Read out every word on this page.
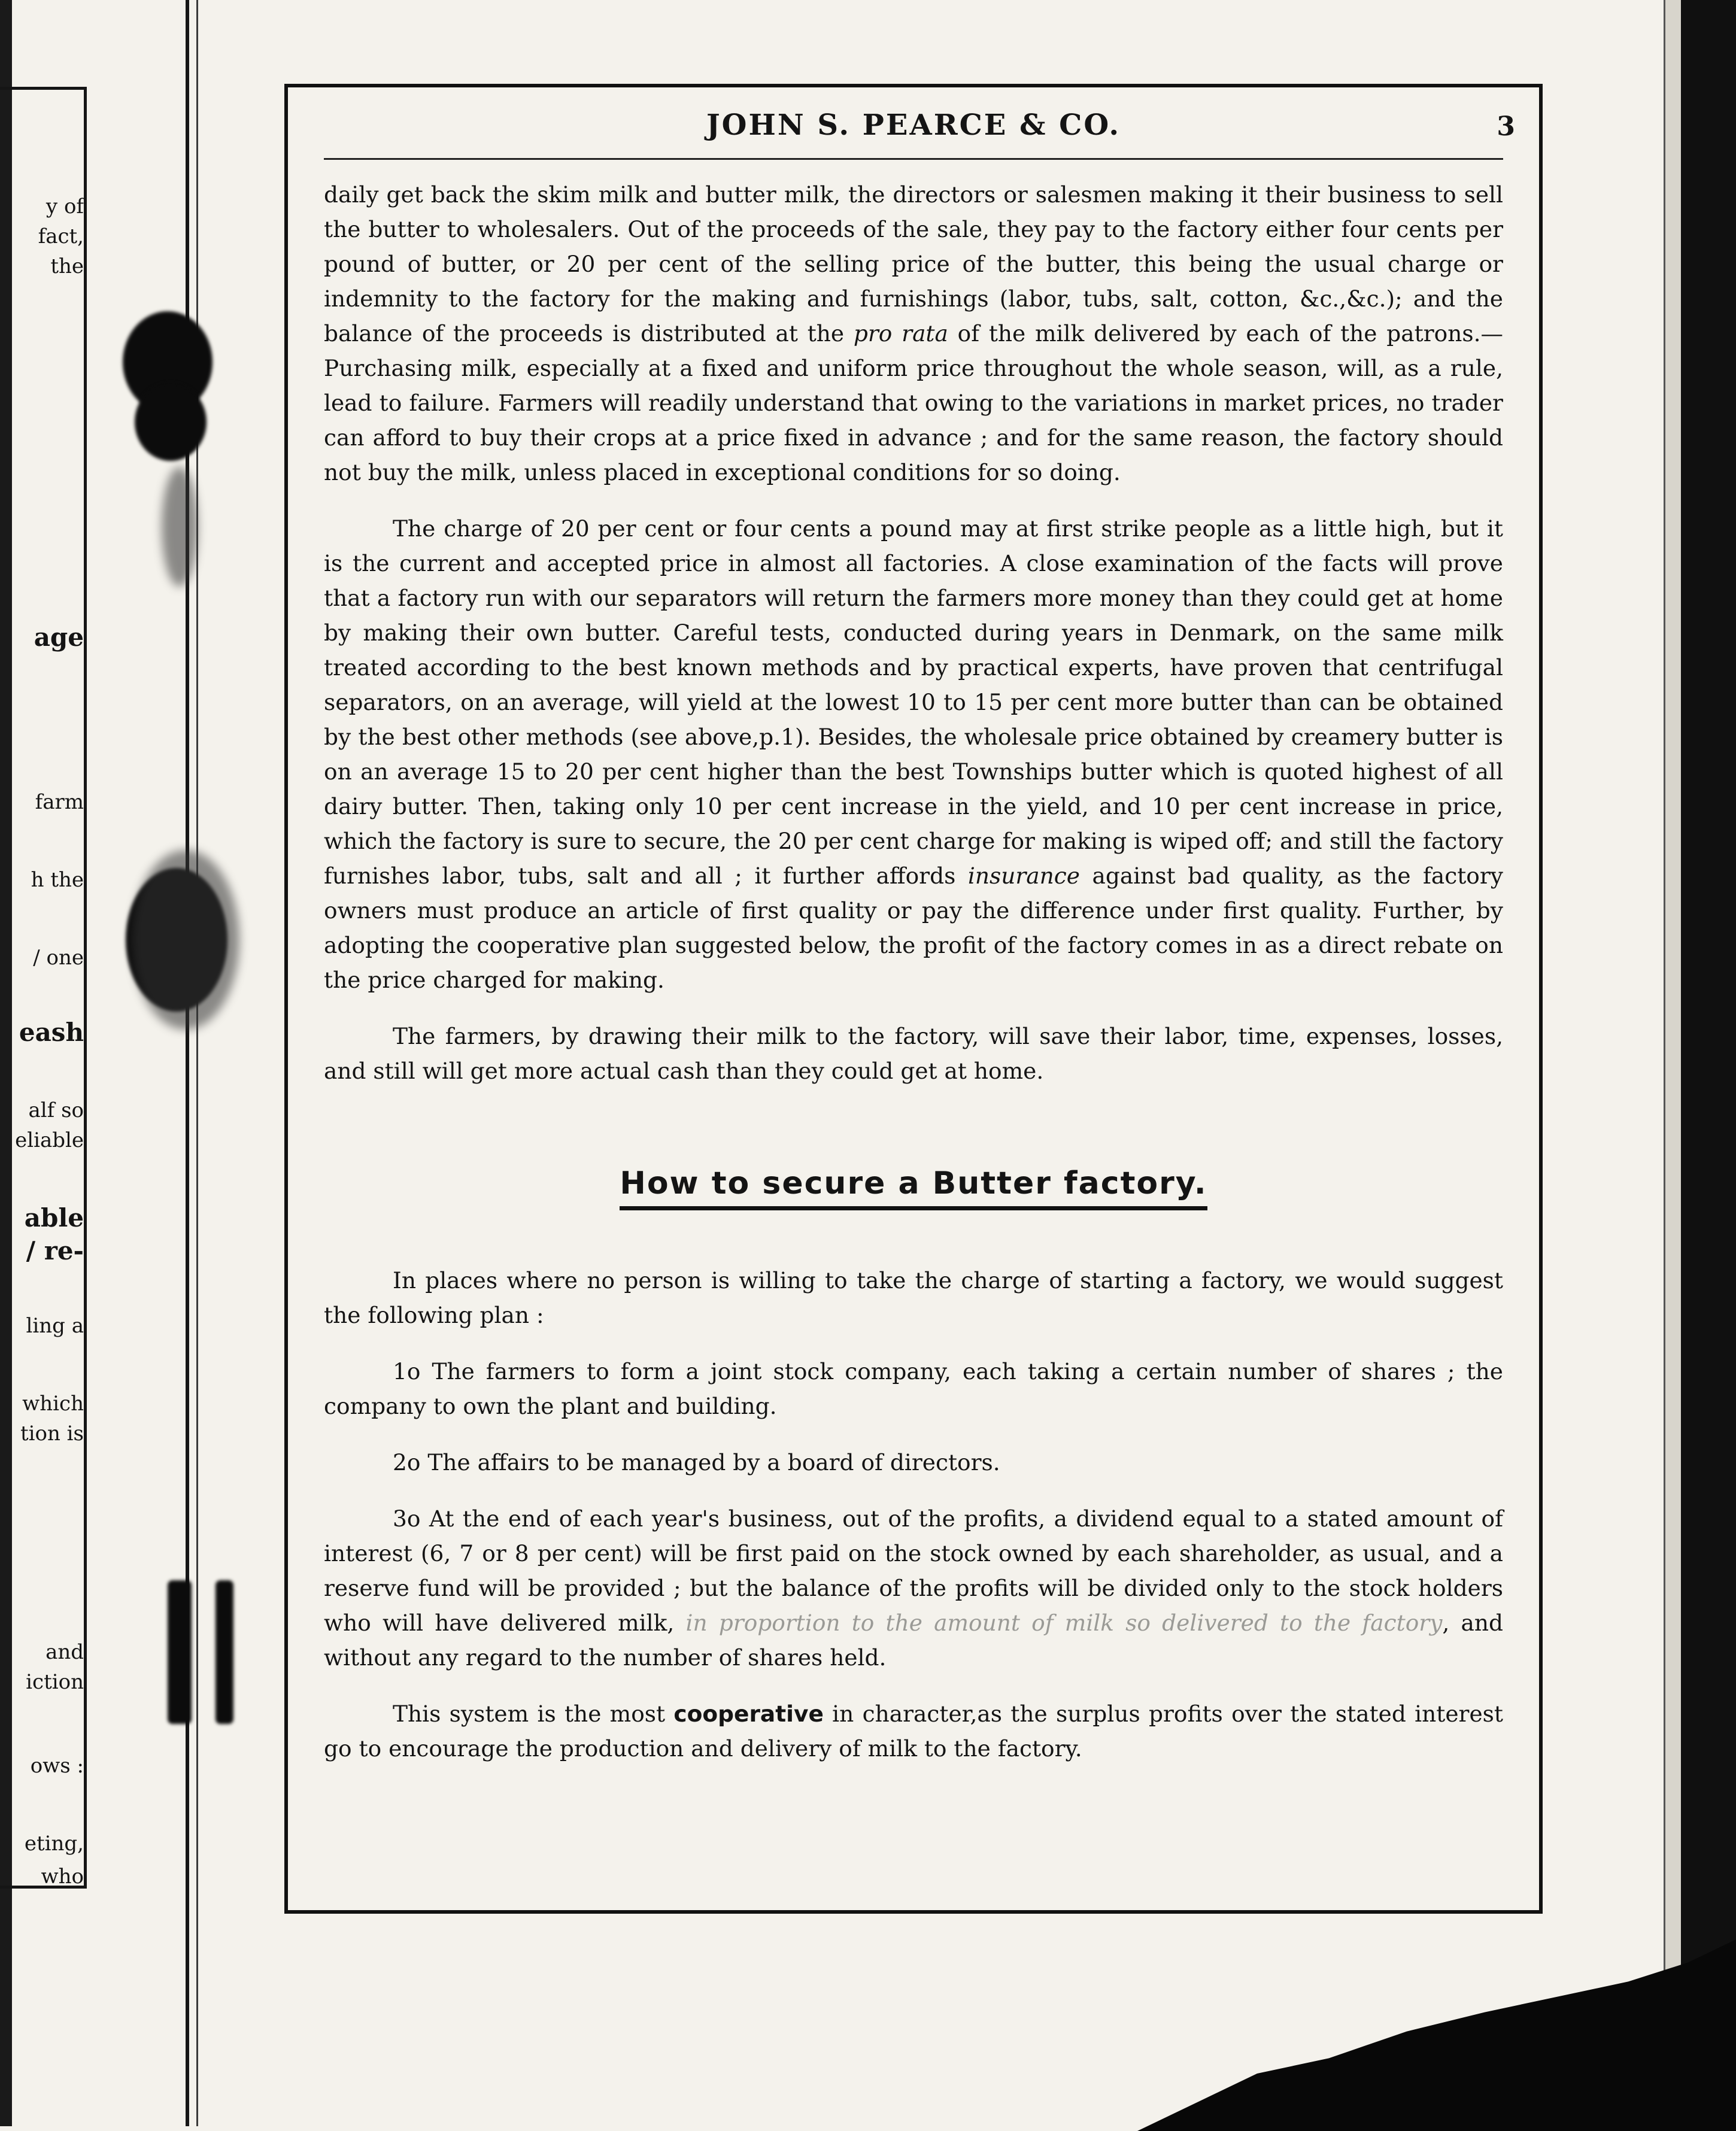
y of
fact,
the
age
farm
h the
/ one
eash
alf so
eliable
able
/ re-
ling a
which
tion is
and
iction
ows :
eting,
who
JOHN S. PEARCE & CO.	3

daily get back the skim milk and butter milk, the directors or salesmen making it their business to sell the butter to wholesalers. Out of the proceeds of the sale, they pay to the factory either four cents per pound of butter, or 20 per cent of the selling price of the butter, this being the usual charge or indemnity to the factory for the making and furnishings (labor, tubs, salt, cotton, &c.,&c.); and the balance of the proceeds is distributed at the pro rata of the milk delivered by each of the patrons.—Purchasing milk, especially at a fixed and uniform price throughout the whole season, will, as a rule, lead to failure. Farmers will readily understand that owing to the variations in market prices, no trader can afford to buy their crops at a price fixed in advance ; and for the same reason, the factory should not buy the milk, unless placed in exceptional conditions for so doing.

The charge of 20 per cent or four cents a pound may at first strike people as a little high, but it is the current and accepted price in almost all factories. A close examination of the facts will prove that a factory run with our separators will return the farmers more money than they could get at home by making their own butter. Careful tests, conducted during years in Denmark, on the same milk treated according to the best known methods and by practical experts, have proven that centrifugal separators, on an average, will yield at the lowest 10 to 15 per cent more butter than can be obtained by the best other methods (see above,p.1). Besides, the wholesale price obtained by creamery butter is on an average 15 to 20 per cent higher than the best Townships butter which is quoted highest of all dairy butter. Then, taking only 10 per cent increase in the yield, and 10 per cent increase in price, which the factory is sure to secure, the 20 per cent charge for making is wiped off; and still the factory furnishes labor, tubs, salt and all ; it further affords insurance against bad quality, as the factory owners must produce an article of first quality or pay the difference under first quality. Further, by adopting the cooperative plan suggested below, the profit of the factory comes in as a direct rebate on the price charged for making.

The farmers, by drawing their milk to the factory, will save their labor, time, expenses, losses, and still will get more actual cash than they could get at home.

How to secure a Butter factory.

In places where no person is willing to take the charge of starting a factory, we would suggest the following plan :

1o The farmers to form a joint stock company, each taking a certain number of shares ; the company to own the plant and building.

2o The affairs to be managed by a board of directors.

3o At the end of each year's business, out of the profits, a dividend equal to a stated amount of interest (6, 7 or 8 per cent) will be first paid on the stock owned by each shareholder, as usual, and a reserve fund will be provided ; but the balance of the profits will be divided only to the stock holders who will have delivered milk, in proportion to the amount of milk so delivered to the factory, and without any regard to the number of shares held.

This system is the most cooperative in character,as the surplus profits over the stated interest go to encourage the production and delivery of milk to the factory.
